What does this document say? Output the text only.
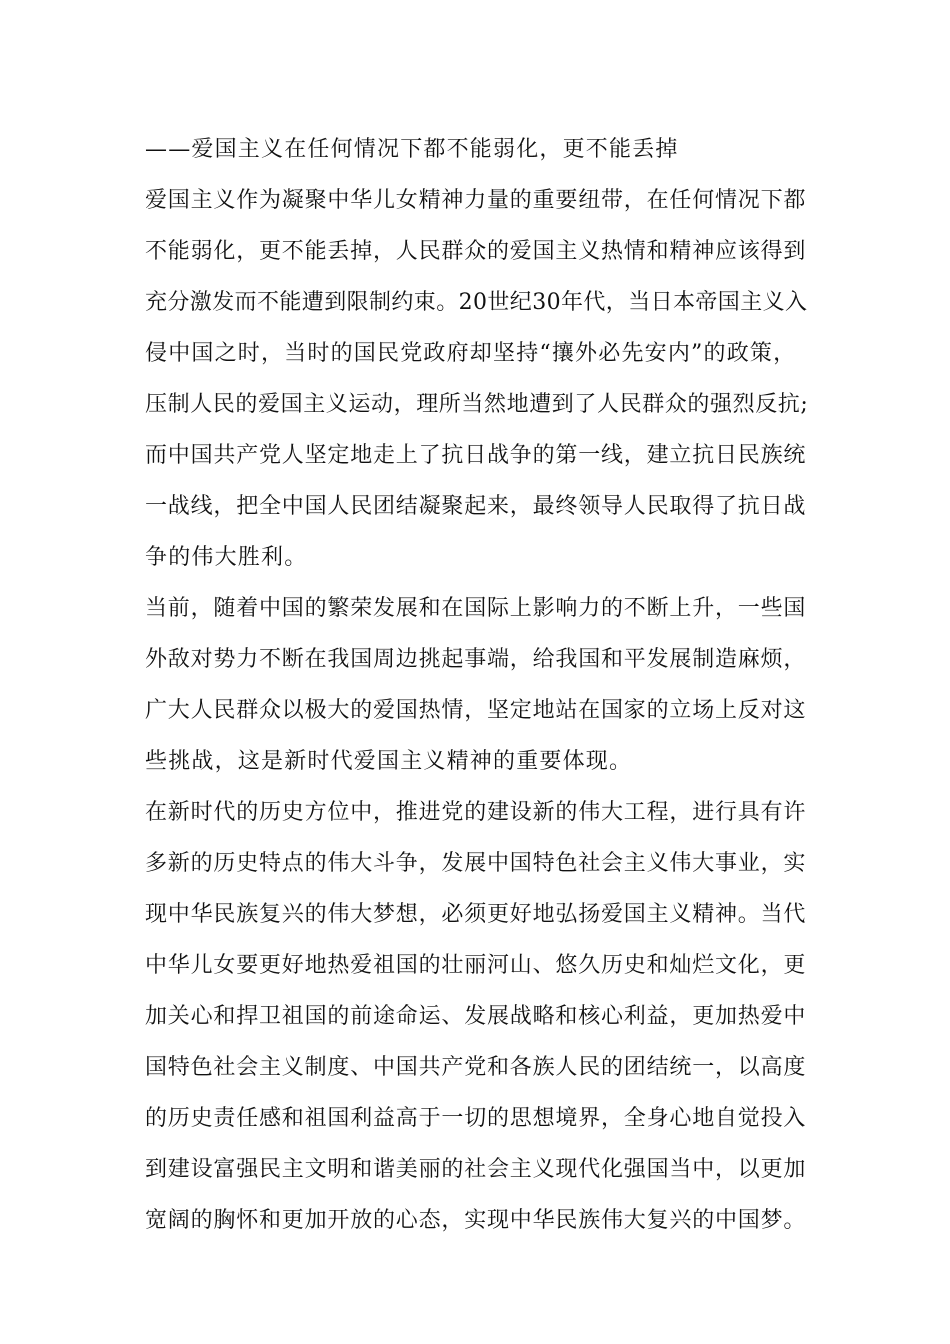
——爱国主义在任何情况下都不能弱化，更不能丢掉
爱国主义作为凝聚中华儿女精神力量的重要纽带，在任何情况下都
不能弱化，更不能丢掉，人民群众的爱国主义热情和精神应该得到
充分激发而不能遭到限制约束。20世纪30年代，当日本帝国主义入
侵中国之时，当时的国民党政府却坚持“攘外必先安内”的政策，
压制人民的爱国主义运动，理所当然地遭到了人民群众的强烈反抗;
而中国共产党人坚定地走上了抗日战争的第一线，建立抗日民族统
一战线，把全中国人民团结凝聚起来，最终领导人民取得了抗日战
争的伟大胜利。
当前，随着中国的繁荣发展和在国际上影响力的不断上升，一些国
外敌对势力不断在我国周边挑起事端，给我国和平发展制造麻烦，
广大人民群众以极大的爱国热情，坚定地站在国家的立场上反对这
些挑战，这是新时代爱国主义精神的重要体现。
在新时代的历史方位中，推进党的建设新的伟大工程，进行具有许
多新的历史特点的伟大斗争，发展中国特色社会主义伟大事业，实
现中华民族复兴的伟大梦想，必须更好地弘扬爱国主义精神。当代
中华儿女要更好地热爱祖国的壮丽河山、悠久历史和灿烂文化，更
加关心和捍卫祖国的前途命运、发展战略和核心利益，更加热爱中
国特色社会主义制度、中国共产党和各族人民的团结统一，以高度
的历史责任感和祖国利益高于一切的思想境界，全身心地自觉投入
到建设富强民主文明和谐美丽的社会主义现代化强国当中，以更加
宽阔的胸怀和更加开放的心态，实现中华民族伟大复兴的中国梦。
